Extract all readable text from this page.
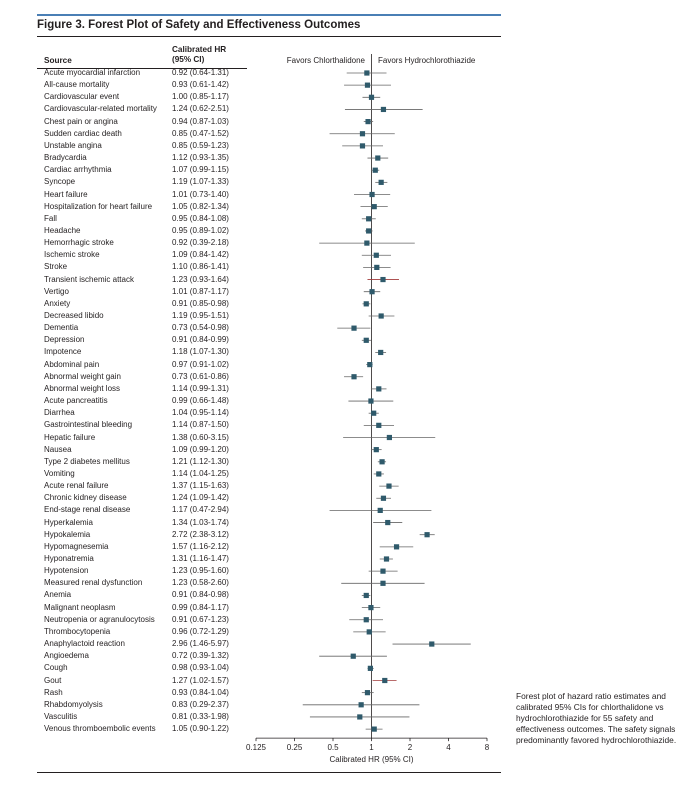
Figure 3. Forest Plot of Safety and Effectiveness Outcomes
Source
Calibrated HR
(95% CI)	Favors Chlorthalidone Favors Hydrochlorothiazide
Acute myocardial infarction	0.92 (0.64-1.31)
All-cause mortality	0.93 (0.61-1.42)
Cardiovascular event	1.00 (0.85-1.17)
Cardiovascular-related mortality 1.24 (0.62-2.51)
Chest pain or angina	0.94 (0.87-1.03)
Sudden cardiac death	0.85 (0.47-1.52)
Unstable angina	0.85 (0.59-1.23)
Bradycardia	1.12 (0.93-1.35)
Cardiac arrhythmia	1.07 (0.99-1.15)
Syncope	1.19 (1.07-1.33)
Heart failure	1.01 (0.73-1.40)
Hospitalization for heart failure 1.05 (0.82-1.34)
Fall	0.95 (0.84-1.08)
Headache	0.95 (0.89-1.02)
Hemorrhagic stroke	0.92 (0.39-2.18)
Ischemic stroke	1.09 (0.84-1.42)
Stroke	1.10 (0.86-1.41)
Transient ischemic attack	1.23 (0.93-1.64)
Vertigo	1.01 (0.87-1.17)
Anxiety	0.91 (0.85-0.98)
Decreased libido	1.19 (0.95-1.51)
Dementia	0.73 (0.54-0.98)
Depression	0.91 (0.84-0.99)
Impotence	1.18 (1.07-1.30)
Abdominal pain	0.97 (0.91-1.02)
Abnormal weight gain	0.73 (0.61-0.86)
Abnormal weight loss	1.14 (0.99-1.31)
Acute pancreatitis	0.99 (0.66-1.48)
Diarrhea	1.04 (0.95-1.14)
Gastrointestinal bleeding	1.14 (0.87-1.50)
Hepatic failure	1.38 (0.60-3.15)
Nausea	1.09 (0.99-1.20)
Type 2 diabetes mellitus	1.21 (1.12-1.30)
Vomiting	1.14 (1.04-1.25)
Acute renal failure	1.37 (1.15-1.63)
Chronic kidney disease	1.24 (1.09-1.42)
End-stage renal disease	1.17 (0.47-2.94)
Hyperkalemia	1.34 (1.03-1.74)
Hypokalemia	2.72 (2.38-3.12)
Hypomagnesemia	1.57 (1.16-2.12)
Hyponatremia	1.31 (1.16-1.47)
Hypotension	1.23 (0.95-1.60)
Measured renal dysfunction	1.23 (0.58-2.60)
Anemia	0.91 (0.84-0.98)
Malignant neoplasm	0.99 (0.84-1.17)
Neutropenia or agranulocytosis 0.91 (0.67-1.23)
Thrombocytopenia	0.96 (0.72-1.29)
Anaphylactoid reaction	2.96 (1.46-5.97)
Angioedema	0.72 (0.39-1.32)
Cough	0.98 (0.93-1.04)
Gout	1.27 (1.02-1.57)
Rash	0.93 (0.84-1.04)
Rhabdomyolysis	0.83 (0.29-2.37)
Vasculitis	0.81 (0.33-1.98)
Venous thromboembolic events 1.05 (0.90-1.22)
0.125	0.25	0.5	1	2	4	8
Calibrated HR (95% CI)
Forest plot of hazard ratio estimates and calibrated 95% CIs for chlorthalidone vs hydrochlorothiazide for 55 safety and effectiveness outcomes. The safety signals predominantly favored hydrochlorothiazide.
